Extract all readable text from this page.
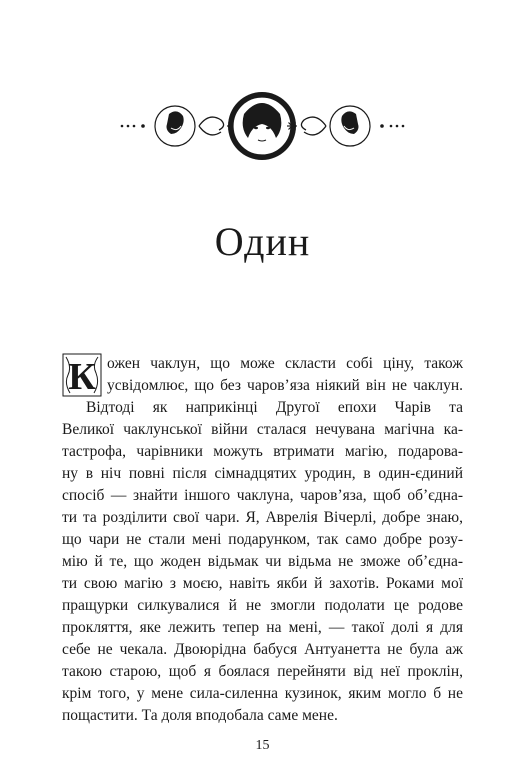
Один
К ожен чаклун, що може скласти собі ціну, також
усвідомлює, що без чаров’яза ніякий він не чаклун.
Відтоді як наприкінці Другої епохи Чарів та
Великої чаклунської війни сталася нечувана магічна ка-
тастрофа, чарівники можуть втримати магію, подарова-
ну в ніч повні після сімнадцятих уродин, в один-єдиний
спосіб — знайти іншого чаклуна, чаров’яза, щоб об’єдна-
ти та розділити свої чари. Я, Аврелія Вічерлі, добре знаю,
що чари не стали мені подарунком, так само добре розу-
мію й те, що жоден відьмак чи відьма не зможе об’єдна-
ти свою магію з моєю, навіть якби й захотів. Роками мої
пращурки силкувалися й не змогли подолати це родове
прокляття, яке лежить тепер на мені, — такої долі я для
себе не чекала. Двоюрідна бабуся Антуанетта не була аж
такою старою, щоб я боялася перейняти від неї проклін,
крім того, у мене сила-силенна кузинок, яким могло б не
пощастити. Та доля вподобала саме мене.
15
